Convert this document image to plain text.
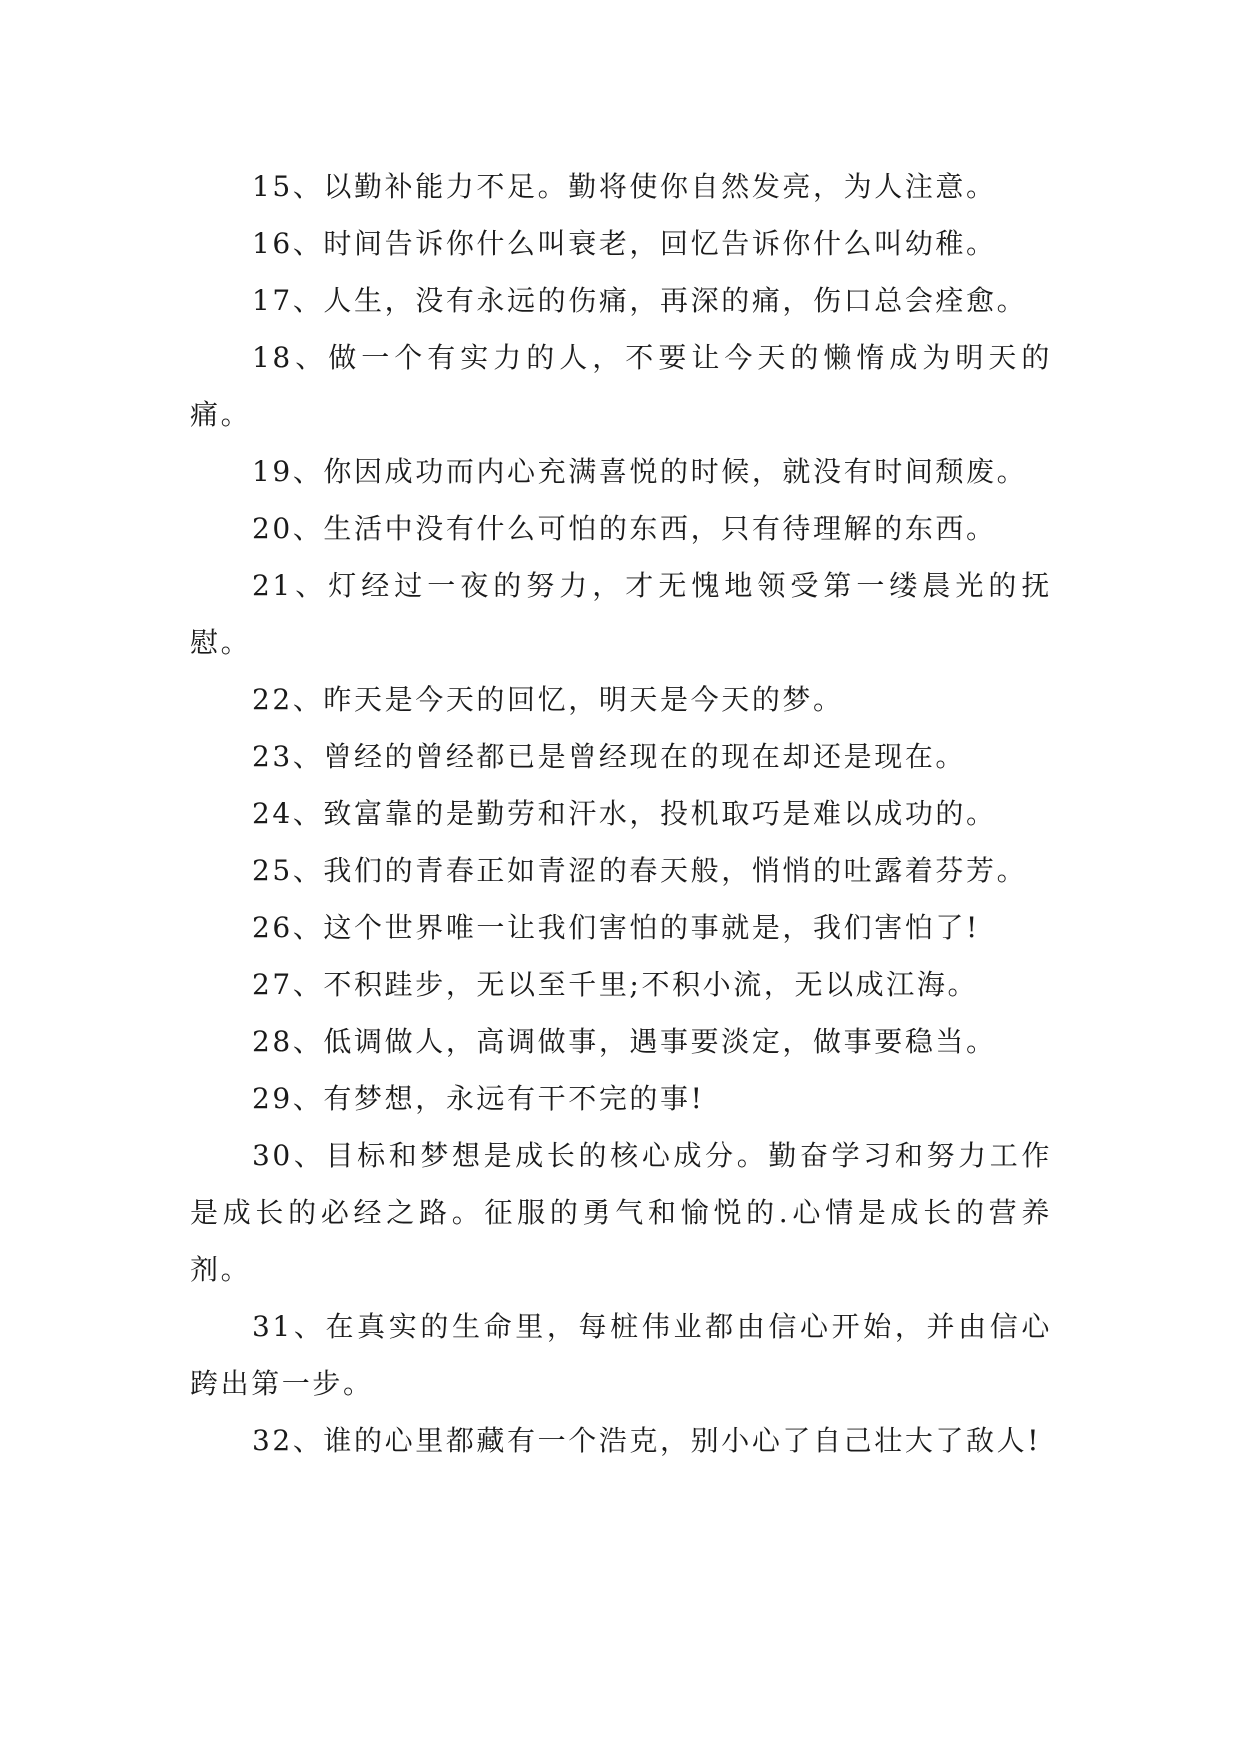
15、以勤补能力不足。勤将使你自然发亮，为人注意。

16、时间告诉你什么叫衰老，回忆告诉你什么叫幼稚。

17、人生，没有永远的伤痛，再深的痛，伤口总会痊愈。

18、做一个有实力的人，不要让今天的懒惰成为明天的痛。

19、你因成功而内心充满喜悦的时候，就没有时间颓废。

20、生活中没有什么可怕的东西，只有待理解的东西。

21、灯经过一夜的努力，才无愧地领受第一缕晨光的抚慰。

22、昨天是今天的回忆，明天是今天的梦。

23、曾经的曾经都已是曾经现在的现在却还是现在。

24、致富靠的是勤劳和汗水，投机取巧是难以成功的。

25、我们的青春正如青涩的春天般，悄悄的吐露着芬芳。

26、这个世界唯一让我们害怕的事就是，我们害怕了!

27、不积跬步，无以至千里;不积小流，无以成江海。

28、低调做人，高调做事，遇事要淡定，做事要稳当。

29、有梦想，永远有干不完的事!

30、目标和梦想是成长的核心成分。勤奋学习和努力工作是成长的必经之路。征服的勇气和愉悦的.心情是成长的营养剂。

31、在真实的生命里，每桩伟业都由信心开始，并由信心跨出第一步。

32、谁的心里都藏有一个浩克，别小心了自己壮大了敌人!
